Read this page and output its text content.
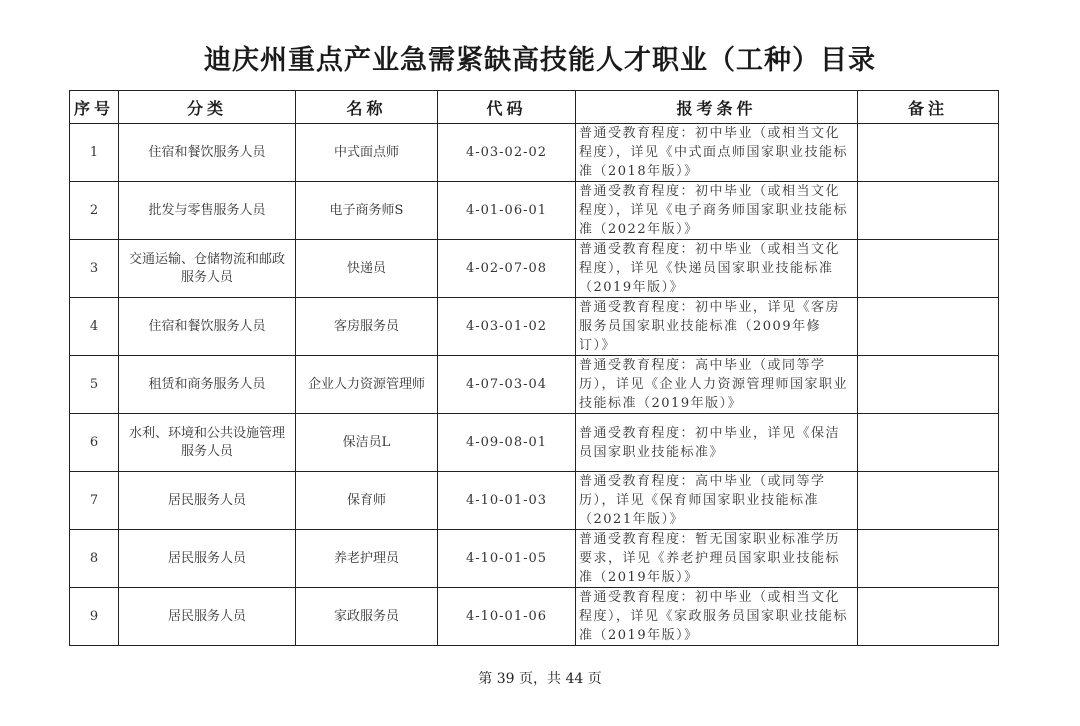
迪庆州重点产业急需紧缺高技能人才职业（工种）目录
序号	分类	名称	代码	报考条件	备注
1	住宿和餐饮服务人员	中式面点师	4-03-02-02	普通受教育程度：初中毕业（或相当文化程度），详见《中式面点师国家职业技能标准（2018年版）》	
2	批发与零售服务人员	电子商务师S	4-01-06-01	普通受教育程度：初中毕业（或相当文化程度），详见《电子商务师国家职业技能标准（2022年版）》	
3	交通运输、仓储物流和邮政服务人员	快递员	4-02-07-08	普通受教育程度：初中毕业（或相当文化程度），详见《快递员国家职业技能标准（2019年版）》	
4	住宿和餐饮服务人员	客房服务员	4-03-01-02	普通受教育程度：初中毕业，详见《客房服务员国家职业技能标准（2009年修订）》	
5	租赁和商务服务人员	企业人力资源管理师	4-07-03-04	普通受教育程度：高中毕业（或同等学历），详见《企业人力资源管理师国家职业技能标准（2019年版）》	
6	水利、环境和公共设施管理服务人员	保洁员L	4-09-08-01	普通受教育程度：初中毕业，详见《保洁员国家职业技能标准》	
7	居民服务人员	保育师	4-10-01-03	普通受教育程度：高中毕业（或同等学历），详见《保育师国家职业技能标准（2021年版）》	
8	居民服务人员	养老护理员	4-10-01-05	普通受教育程度：暂无国家职业标准学历要求，详见《养老护理员国家职业技能标准（2019年版）》	
9	居民服务人员	家政服务员	4-10-01-06	普通受教育程度：初中毕业（或相当文化程度），详见《家政服务员国家职业技能标准（2019年版）》	
第 39 页，共 44 页
